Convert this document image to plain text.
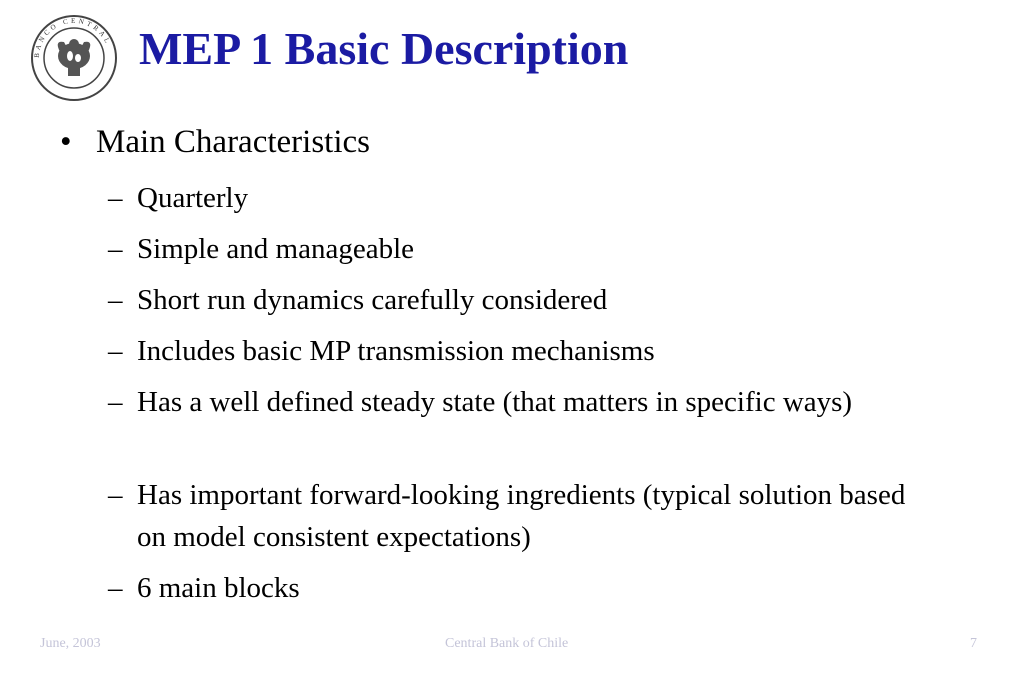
BANCO CENTRAL MEP 1 Basic Description
• Main Characteristics
– Quarterly
– Simple and manageable
– Short run dynamics carefully considered
– Includes basic MP transmission mechanisms
– Has a well defined steady state (that matters in specific ways)
– Has important forward-looking ingredients (typical solution based on model consistent expectations)
– 6 main blocks
June, 2003	Central Bank of Chile	7
